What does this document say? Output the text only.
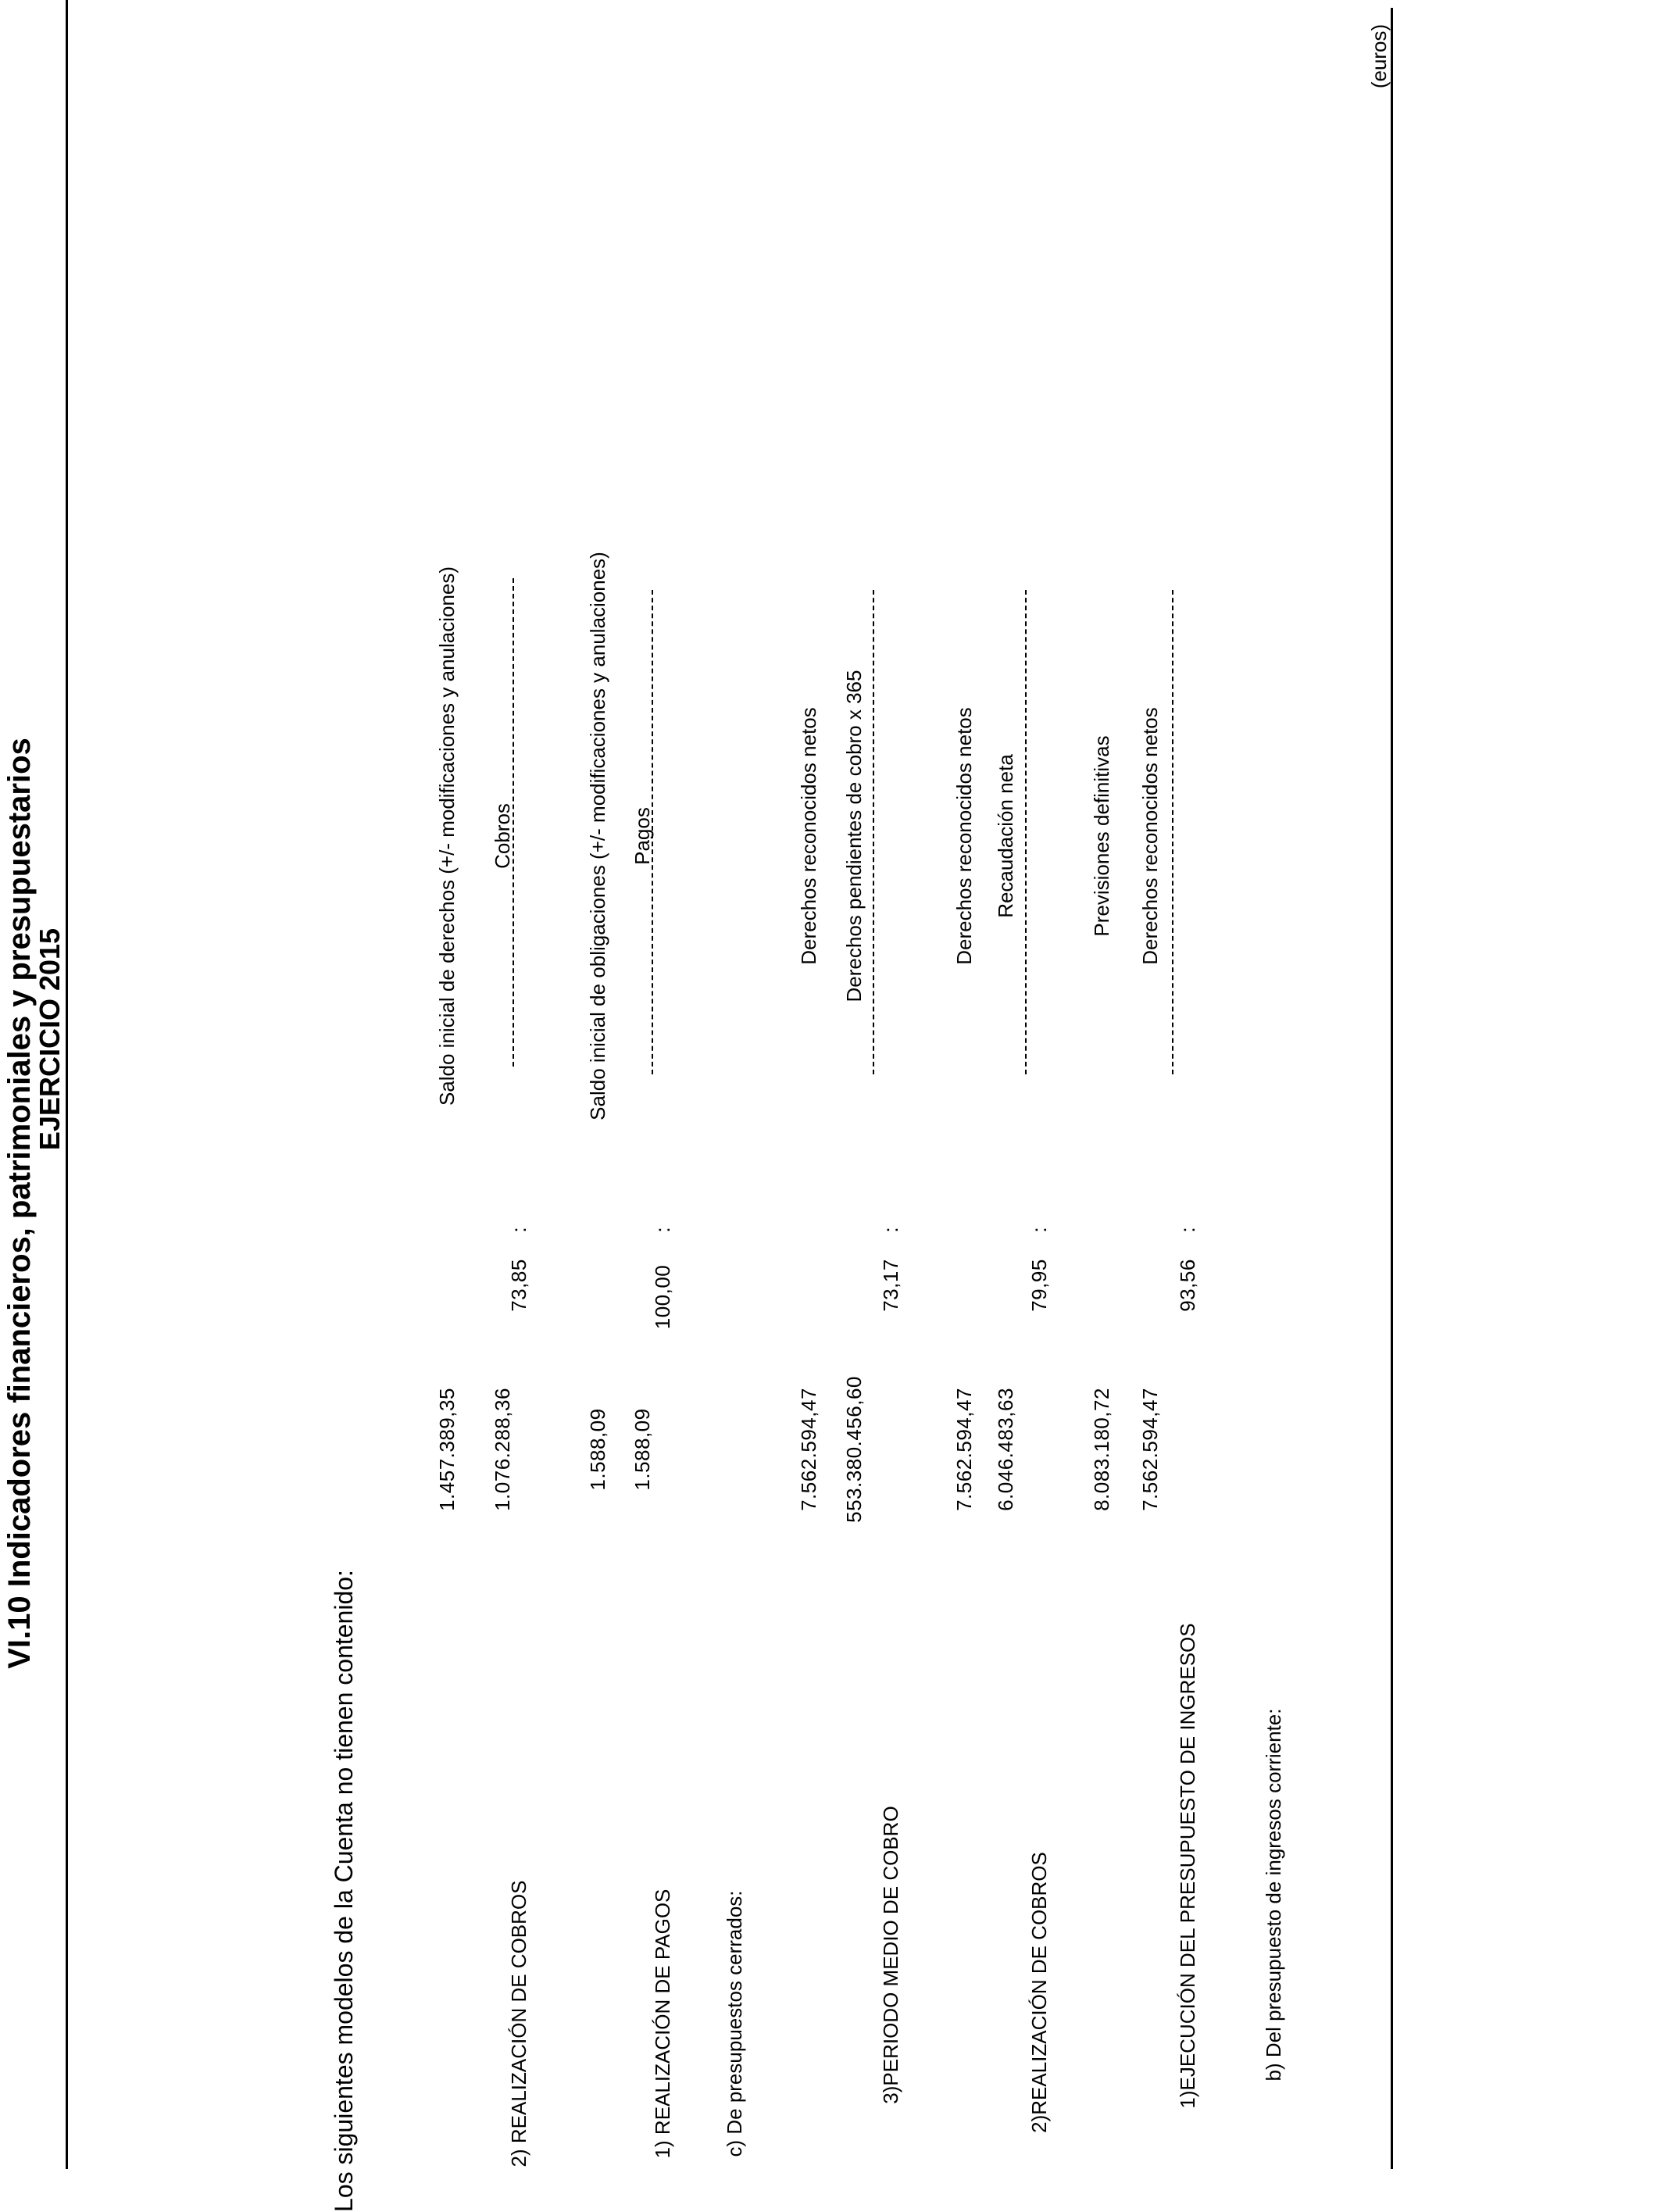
VI.10 Indicadores financieros, patrimoniales y presupuestarios
EJERCICIO 2015
(euros)
b) Del presupuesto de ingresos corriente:
1)EJECUCIÓN DEL PRESUPUESTO DE INGRESOS
93,56
:
Derechos reconocidos netos
Previsiones definitivas
7.562.594,47
8.083.180,72
2)REALIZACIÓN DE COBROS
79,95
:
Recaudación neta
Derechos reconocidos netos
6.046.483,63
7.562.594,47
3)PERIODO MEDIO DE COBRO
73,17
:
Derechos pendientes de cobro x 365
Derechos reconocidos netos
553.380.456,60
7.562.594,47
c) De presupuestos cerrados:
1) REALIZACIÓN DE PAGOS
100,00
:
Pagos
Saldo inicial de obligaciones (+/- modificaciones y anulaciones)
1.588,09
1.588,09
2) REALIZACIÓN DE COBROS
73,85
:
Cobros
Saldo inicial de derechos (+/- modificaciones y anulaciones)
1.076.288,36
1.457.389,35
Los siguientes modelos de la Cuenta no tienen contenido:
